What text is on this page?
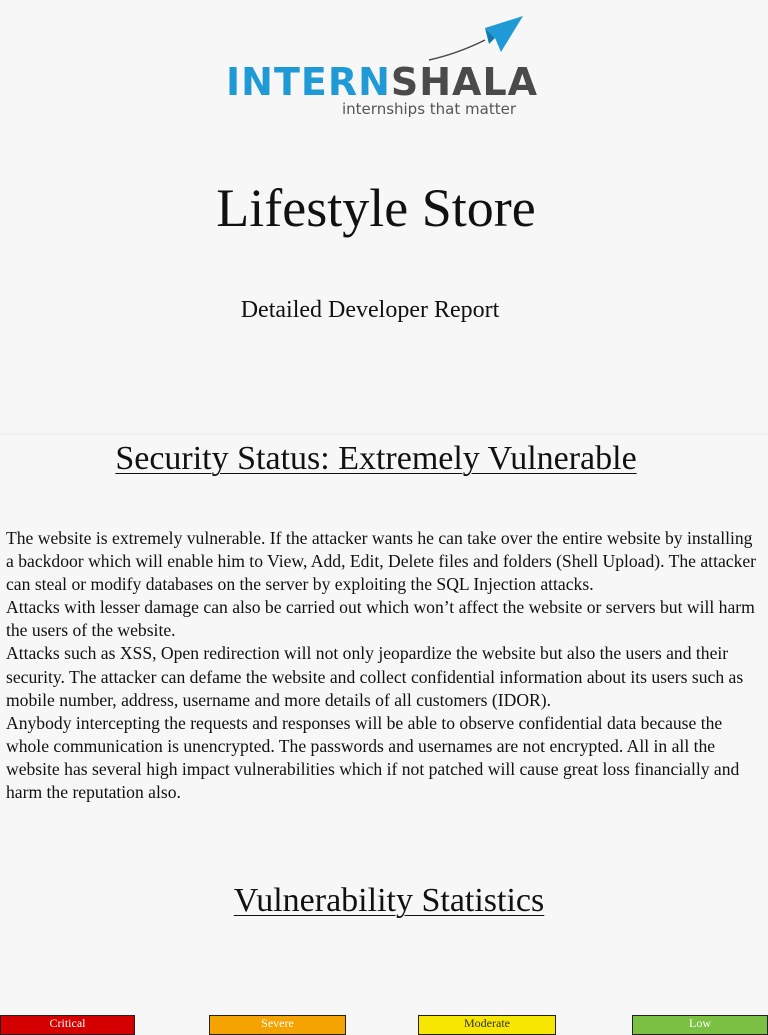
INTERNSHALA
internships that matter
Lifestyle Store
Detailed Developer Report
Security Status: Extremely Vulnerable

The website is extremely vulnerable. If the attacker wants he can take over the entire website by installing a backdoor which will enable him to View, Add, Edit, Delete files and folders (Shell Upload). The attacker can steal or modify databases on the server by exploiting the SQL Injection attacks.

Attacks with lesser damage can also be carried out which won’t affect the website or servers but will harm the users of the website.

Attacks such as XSS, Open redirection will not only jeopardize the website but also the users and their security. The attacker can defame the website and collect confidential information about its users such as mobile number, address, username and more details of all customers (IDOR).

Anybody intercepting the requests and responses will be able to observe confidential data because the whole communication is unencrypted. The passwords and usernames are not encrypted. All in all the website has several high impact vulnerabilities which if not patched will cause great loss financially and harm the reputation also.

Vulnerability Statistics
Critical	Severe	Moderate	Low
